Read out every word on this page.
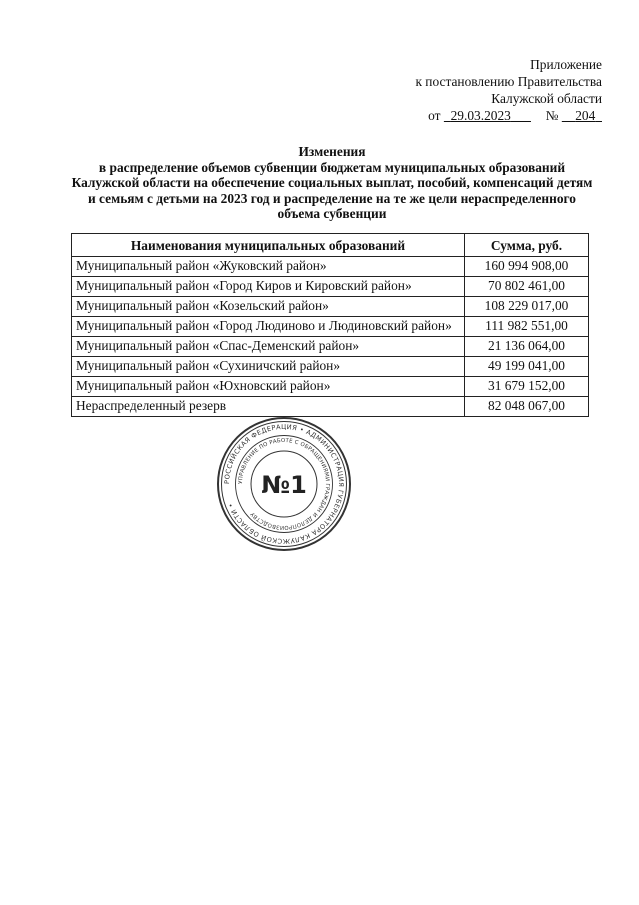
Приложение
к постановлению Правительства
Калужской области
от 29.03.2023	№ 204
Изменения
в распределение объемов субвенции бюджетам муниципальных образований
Калужской области на обеспечение социальных выплат, пособий, компенсаций детям
и семьям с детьми на 2023 год и распределение на те же цели нераспределенного
объема субвенции
Наименования муниципальных образований	Сумма, руб.
Муниципальный район «Жуковский район»	160 994 908,00
Муниципальный район «Город Киров и Кировский район»	70 802 461,00
Муниципальный район «Козельский район»	108 229 017,00
Муниципальный район «Город Людиново и Людиновский район»	111 982 551,00
Муниципальный район «Спас-Деменский район»	21 136 064,00
Муниципальный район «Сухиничский район»	49 199 041,00
Муниципальный район «Юхновский район»	31 679 152,00
Нераспределенный резерв	82 048 067,00
РОССИЙСКАЯ ФЕДЕРАЦИЯ • АДМИНИСТРАЦИЯ ГУБЕРНАТОРА КАЛУЖСКОЙ ОБЛАСТИ •
УПРАВЛЕНИЕ ПО РАБОТЕ С ОБРАЩЕНИЯМИ ГРАЖДАН И ДЕЛОПРОИЗВОДСТВУ
№1
